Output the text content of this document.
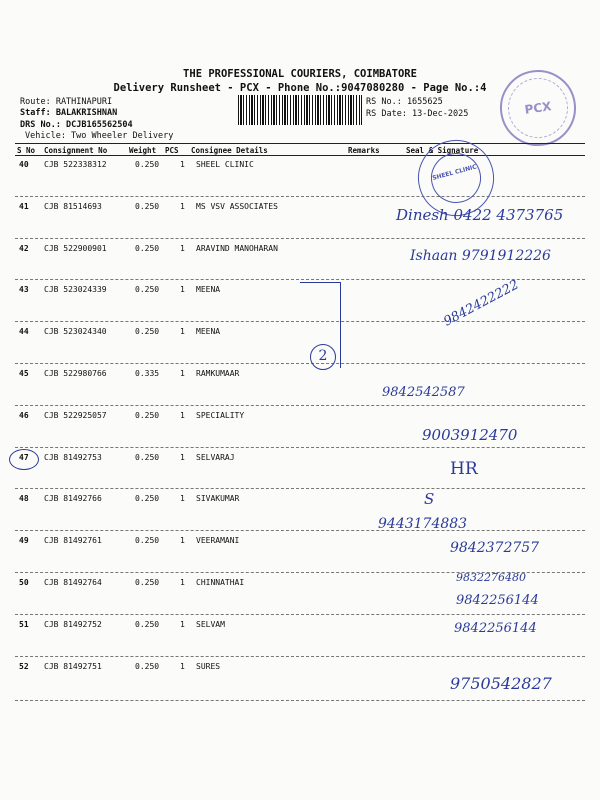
THE PROFESSIONAL COURIERS, COIMBATORE
Delivery Runsheet - PCX - Phone No.:9047080280 - Page No.:4
Route: RATHINAPURI
Staff: BALAKRISHNAN
DRS No.: DCJB165562504
Vehicle: Two Wheeler Delivery
RS No.: 1655625
RS Date: 13-Dec-2025	PCX
S No Consignment No	Weight PCS Consignee Details	Remarks	Seal & Signature
40 CJB 522338312	0.250	1 SHEEL CLINIC
41 CJB 81514693	0.250	1 MS VSV ASSOCIATES
42 CJB 522900901	0.250	1 ARAVIND MANOHARAN
43 CJB 523024339	0.250	1 MEENA
44 CJB 523024340	0.250	1 MEENA
45 CJB 522980766	0.335	1 RAMKUMAAR
46 CJB 522925057	0.250	1 SPECIALITY
47 CJB 81492753	0.250	1 SELVARAJ
48 CJB 81492766	0.250	1 SIVAKUMAR
49 CJB 81492761	0.250	1 VEERAMANI
50 CJB 81492764	0.250	1 CHINNATHAI
51 CJB 81492752	0.250	1 SELVAM
52 CJB 81492751	0.250	1 SURES
SHEEL CLINIC
Dinesh 0422 4373765
Ishaan 9791912226
9842422222
2
9842542587
9003912470
HR
S
9443174883
9842372757
9832276480
9842256144
9842256144
9750542827
